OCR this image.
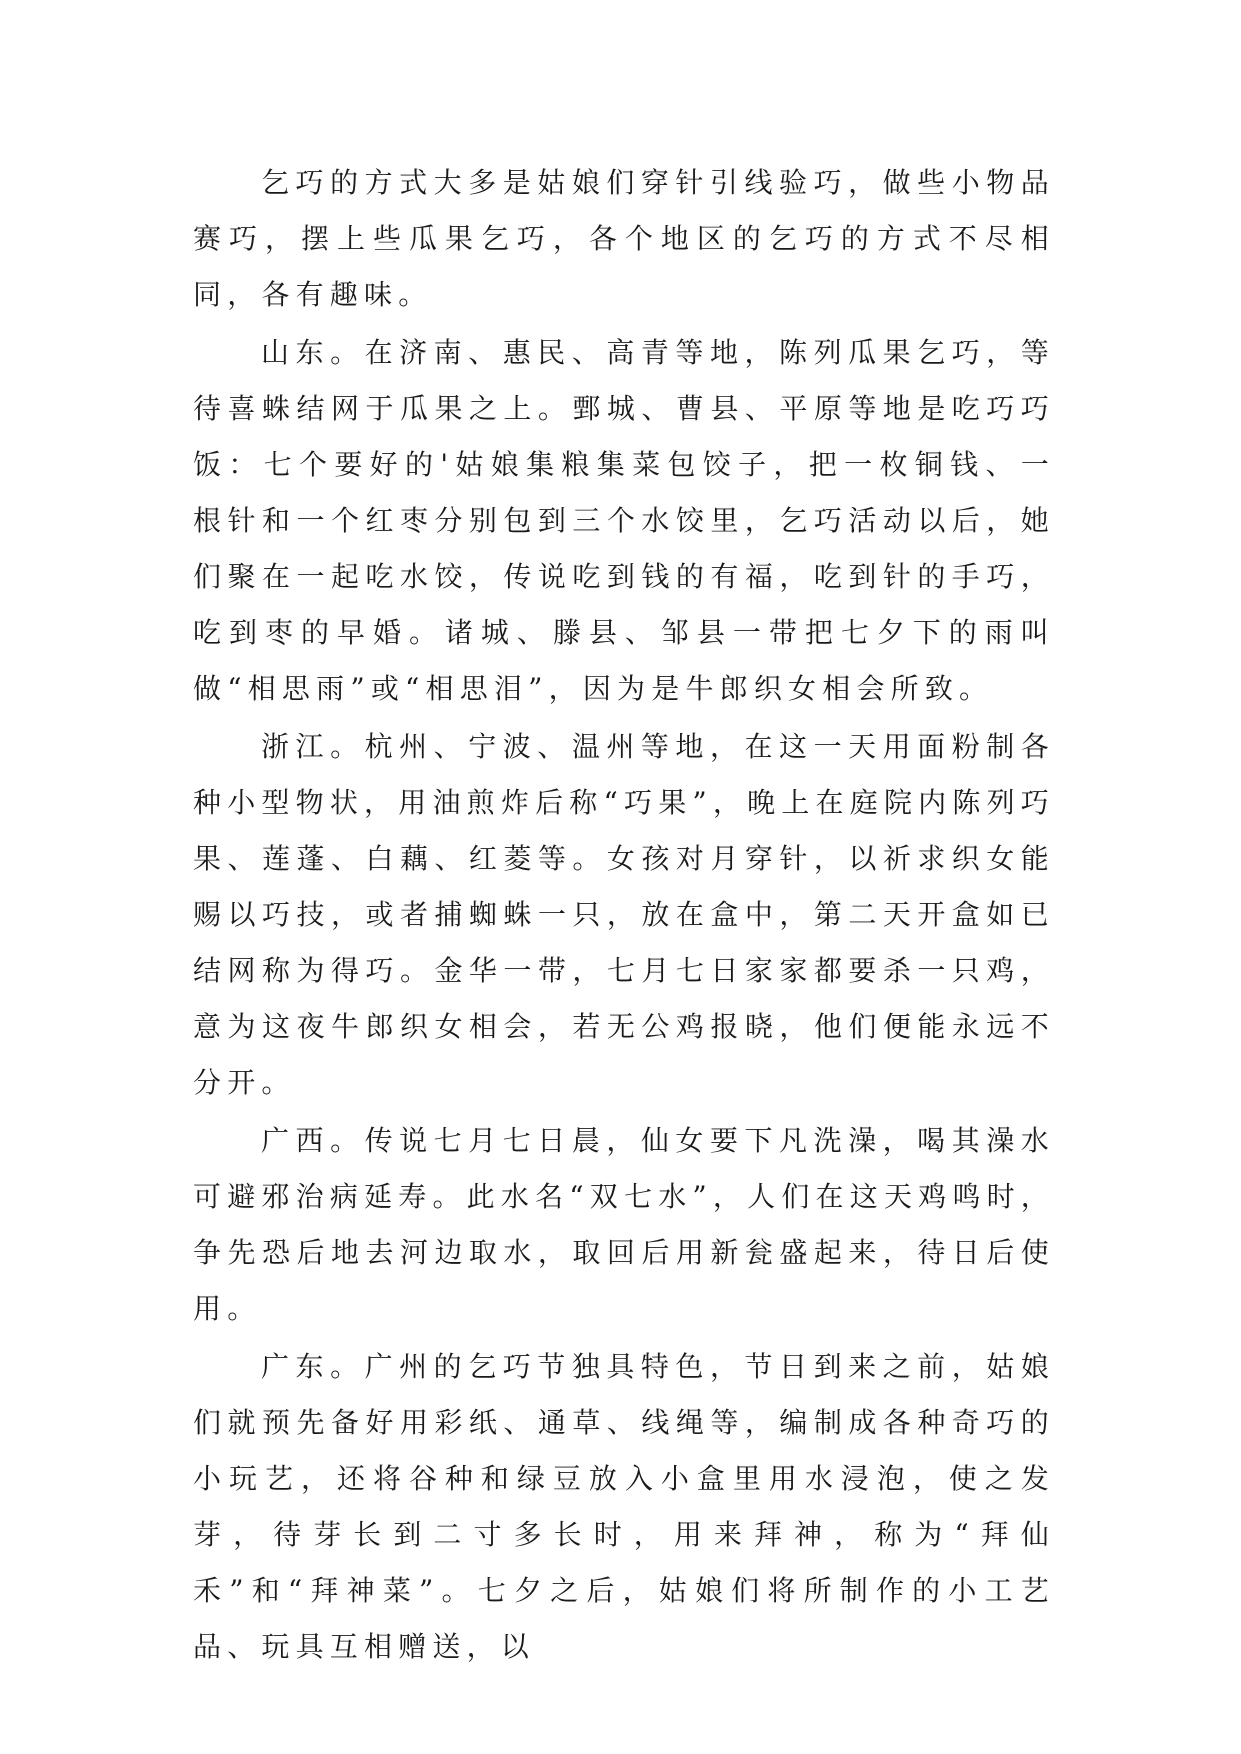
乞巧的方式大多是姑娘们穿针引线验巧，做些小物品赛巧，摆上些瓜果乞巧，各个地区的乞巧的方式不尽相同，各有趣味。

山东。在济南、惠民、高青等地，陈列瓜果乞巧，等待喜蛛结网于瓜果之上。鄄城、曹县、平原等地是吃巧巧饭：七个要好的'姑娘集粮集菜包饺子，把一枚铜钱、一根针和一个红枣分别包到三个水饺里，乞巧活动以后，她们聚在一起吃水饺，传说吃到钱的有福，吃到针的手巧，吃到枣的早婚。诸城、滕县、邹县一带把七夕下的雨叫做“相思雨”或“相思泪”，因为是牛郎织女相会所致。

浙江。杭州、宁波、温州等地，在这一天用面粉制各种小型物状，用油煎炸后称“巧果”，晚上在庭院内陈列巧果、莲蓬、白藕、红菱等。女孩对月穿针，以祈求织女能赐以巧技，或者捕蜘蛛一只，放在盒中，第二天开盒如已结网称为得巧。金华一带，七月七日家家都要杀一只鸡，意为这夜牛郎织女相会，若无公鸡报晓，他们便能永远不分开。

广西。传说七月七日晨，仙女要下凡洗澡，喝其澡水可避邪治病延寿。此水名“双七水”，人们在这天鸡鸣时，争先恐后地去河边取水，取回后用新瓮盛起来，待日后使用。

广东。广州的乞巧节独具特色，节日到来之前，姑娘们就预先备好用彩纸、通草、线绳等，编制成各种奇巧的小玩艺，还将谷种和绿豆放入小盒里用水浸泡，使之发芽，待芽长到二寸多长时，用来拜神，称为“拜仙禾”和“拜神菜”。七夕之后，姑娘们将所制作的小工艺品、玩具互相赠送，以
